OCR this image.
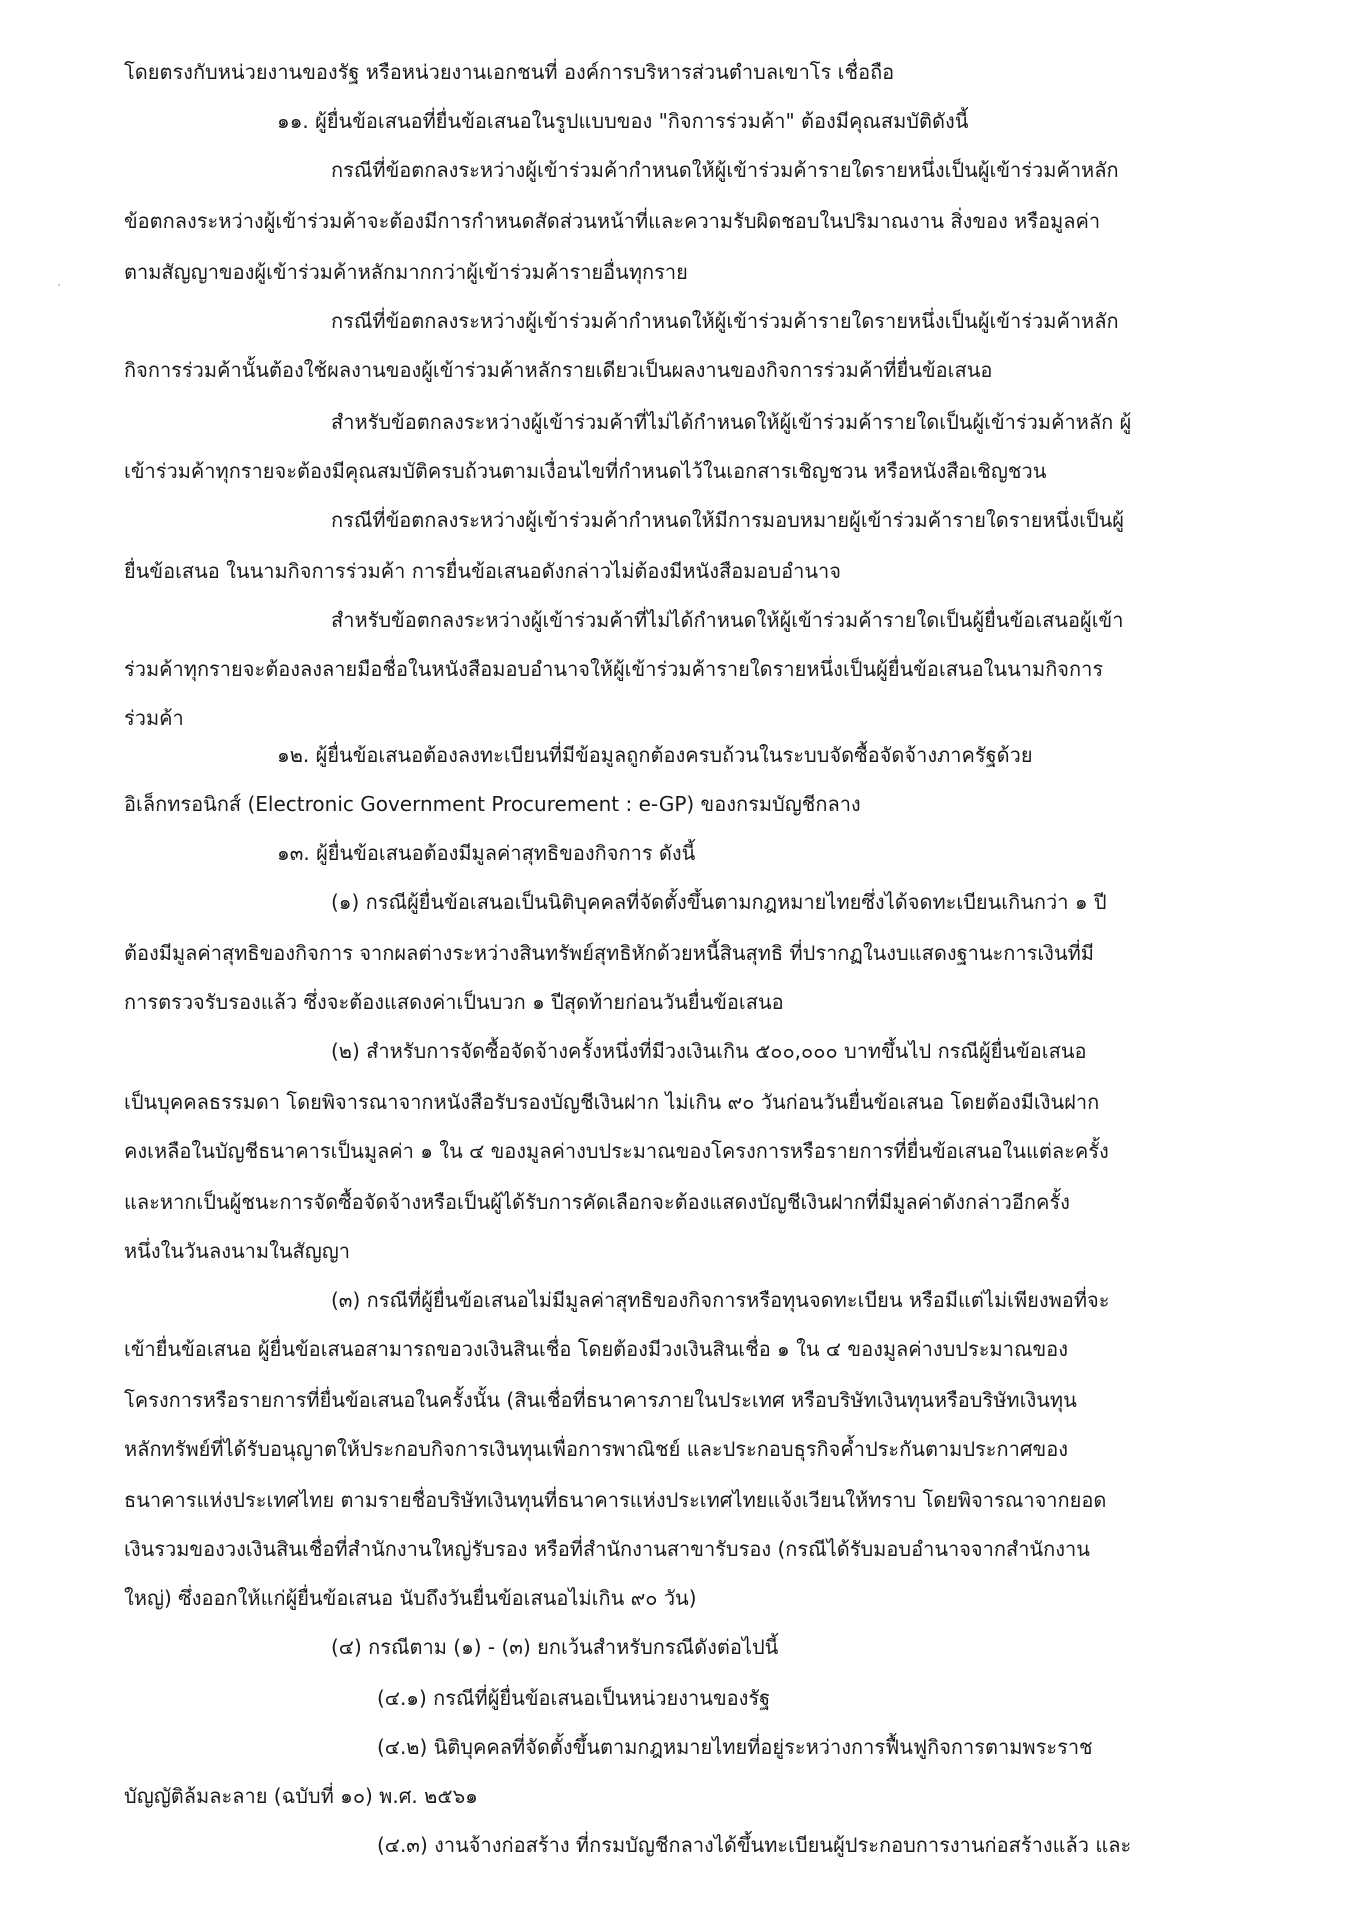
โดยตรงกับหน่วยงานของรัฐ หรือหน่วยงานเอกชนที่ องค์การบริหารส่วนตำบลเขาโร เชื่อถือ
๑๑. ผู้ยื่นข้อเสนอที่ยื่นข้อเสนอในรูปแบบของ "กิจการร่วมค้า" ต้องมีคุณสมบัติดังนี้
กรณีที่ข้อตกลงระหว่างผู้เข้าร่วมค้ากำหนดให้ผู้เข้าร่วมค้ารายใดรายหนึ่งเป็นผู้เข้าร่วมค้าหลัก
ข้อตกลงระหว่างผู้เข้าร่วมค้าจะต้องมีการกำหนดสัดส่วนหน้าที่และความรับผิดชอบในปริมาณงาน สิ่งของ หรือมูลค่า
ตามสัญญาของผู้เข้าร่วมค้าหลักมากกว่าผู้เข้าร่วมค้ารายอื่นทุกราย
กรณีที่ข้อตกลงระหว่างผู้เข้าร่วมค้ากำหนดให้ผู้เข้าร่วมค้ารายใดรายหนึ่งเป็นผู้เข้าร่วมค้าหลัก
กิจการร่วมค้านั้นต้องใช้ผลงานของผู้เข้าร่วมค้าหลักรายเดียวเป็นผลงานของกิจการร่วมค้าที่ยื่นข้อเสนอ
สำหรับข้อตกลงระหว่างผู้เข้าร่วมค้าที่ไม่ได้กำหนดให้ผู้เข้าร่วมค้ารายใดเป็นผู้เข้าร่วมค้าหลัก ผู้
เข้าร่วมค้าทุกรายจะต้องมีคุณสมบัติครบถ้วนตามเงื่อนไขที่กำหนดไว้ในเอกสารเชิญชวน หรือหนังสือเชิญชวน
กรณีที่ข้อตกลงระหว่างผู้เข้าร่วมค้ากำหนดให้มีการมอบหมายผู้เข้าร่วมค้ารายใดรายหนึ่งเป็นผู้
ยื่นข้อเสนอ ในนามกิจการร่วมค้า การยื่นข้อเสนอดังกล่าวไม่ต้องมีหนังสือมอบอำนาจ
สำหรับข้อตกลงระหว่างผู้เข้าร่วมค้าที่ไม่ได้กำหนดให้ผู้เข้าร่วมค้ารายใดเป็นผู้ยื่นข้อเสนอผู้เข้า
ร่วมค้าทุกรายจะต้องลงลายมือชื่อในหนังสือมอบอำนาจให้ผู้เข้าร่วมค้ารายใดรายหนึ่งเป็นผู้ยื่นข้อเสนอในนามกิจการ
ร่วมค้า
๑๒. ผู้ยื่นข้อเสนอต้องลงทะเบียนที่มีข้อมูลถูกต้องครบถ้วนในระบบจัดซื้อจัดจ้างภาครัฐด้วย
อิเล็กทรอนิกส์ (Electronic Government Procurement : e-GP) ของกรมบัญชีกลาง
๑๓. ผู้ยื่นข้อเสนอต้องมีมูลค่าสุทธิของกิจการ ดังนี้
(๑) กรณีผู้ยื่นข้อเสนอเป็นนิติบุคคลที่จัดตั้งขึ้นตามกฎหมายไทยซึ่งได้จดทะเบียนเกินกว่า ๑ ปี
ต้องมีมูลค่าสุทธิของกิจการ จากผลต่างระหว่างสินทรัพย์สุทธิหักด้วยหนี้สินสุทธิ ที่ปรากฏในงบแสดงฐานะการเงินที่มี
การตรวจรับรองแล้ว ซึ่งจะต้องแสดงค่าเป็นบวก ๑ ปีสุดท้ายก่อนวันยื่นข้อเสนอ
(๒) สำหรับการจัดซื้อจัดจ้างครั้งหนึ่งที่มีวงเงินเกิน ๕๐๐,๐๐๐ บาทขึ้นไป กรณีผู้ยื่นข้อเสนอ
เป็นบุคคลธรรมดา โดยพิจารณาจากหนังสือรับรองบัญชีเงินฝาก ไม่เกิน ๙๐ วันก่อนวันยื่นข้อเสนอ โดยต้องมีเงินฝาก
คงเหลือในบัญชีธนาคารเป็นมูลค่า ๑ ใน ๔ ของมูลค่างบประมาณของโครงการหรือรายการที่ยื่นข้อเสนอในแต่ละครั้ง
และหากเป็นผู้ชนะการจัดซื้อจัดจ้างหรือเป็นผู้ได้รับการคัดเลือกจะต้องแสดงบัญชีเงินฝากที่มีมูลค่าดังกล่าวอีกครั้ง
หนึ่งในวันลงนามในสัญญา
(๓) กรณีที่ผู้ยื่นข้อเสนอไม่มีมูลค่าสุทธิของกิจการหรือทุนจดทะเบียน หรือมีแต่ไม่เพียงพอที่จะ
เข้ายื่นข้อเสนอ ผู้ยื่นข้อเสนอสามารถขอวงเงินสินเชื่อ โดยต้องมีวงเงินสินเชื่อ ๑ ใน ๔ ของมูลค่างบประมาณของ
โครงการหรือรายการที่ยื่นข้อเสนอในครั้งนั้น (สินเชื่อที่ธนาคารภายในประเทศ หรือบริษัทเงินทุนหรือบริษัทเงินทุน
หลักทรัพย์ที่ได้รับอนุญาตให้ประกอบกิจการเงินทุนเพื่อการพาณิชย์ และประกอบธุรกิจค้ำประกันตามประกาศของ
ธนาคารแห่งประเทศไทย ตามรายชื่อบริษัทเงินทุนที่ธนาคารแห่งประเทศไทยแจ้งเวียนให้ทราบ โดยพิจารณาจากยอด
เงินรวมของวงเงินสินเชื่อที่สำนักงานใหญ่รับรอง หรือที่สำนักงานสาขารับรอง (กรณีได้รับมอบอำนาจจากสำนักงาน
ใหญ่) ซึ่งออกให้แก่ผู้ยื่นข้อเสนอ นับถึงวันยื่นข้อเสนอไม่เกิน ๙๐ วัน)
(๔) กรณีตาม (๑) - (๓) ยกเว้นสำหรับกรณีดังต่อไปนี้
(๔.๑) กรณีที่ผู้ยื่นข้อเสนอเป็นหน่วยงานของรัฐ
(๔.๒) นิติบุคคลที่จัดตั้งขึ้นตามกฎหมายไทยที่อยู่ระหว่างการฟื้นฟูกิจการตามพระราช
บัญญัติล้มละลาย (ฉบับที่ ๑๐) พ.ศ. ๒๕๖๑
(๔.๓) งานจ้างก่อสร้าง ที่กรมบัญชีกลางได้ขึ้นทะเบียนผู้ประกอบการงานก่อสร้างแล้ว และ
